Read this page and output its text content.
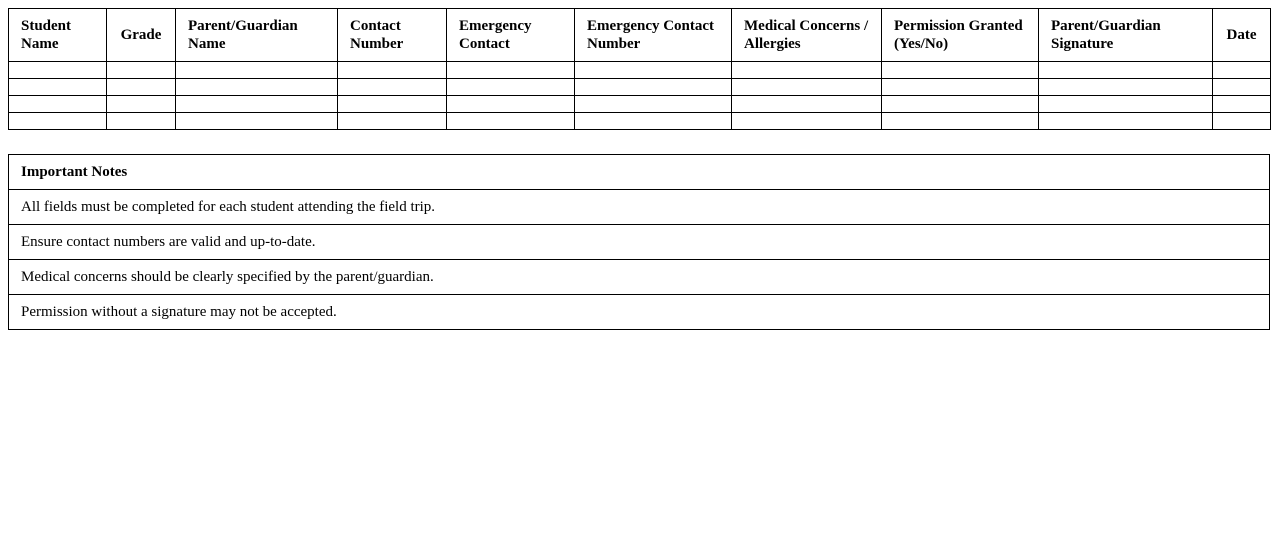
Student Name	Grade	Parent/Guardian Name	Contact Number	Emergency Contact	Emergency Contact Number	Medical Concerns / Allergies	Permission Granted (Yes/No)	Parent/Guardian Signature	Date

Important Notes
All fields must be completed for each student attending the field trip.
Ensure contact numbers are valid and up-to-date.
Medical concerns should be clearly specified by the parent/guardian.
Permission without a signature may not be accepted.
